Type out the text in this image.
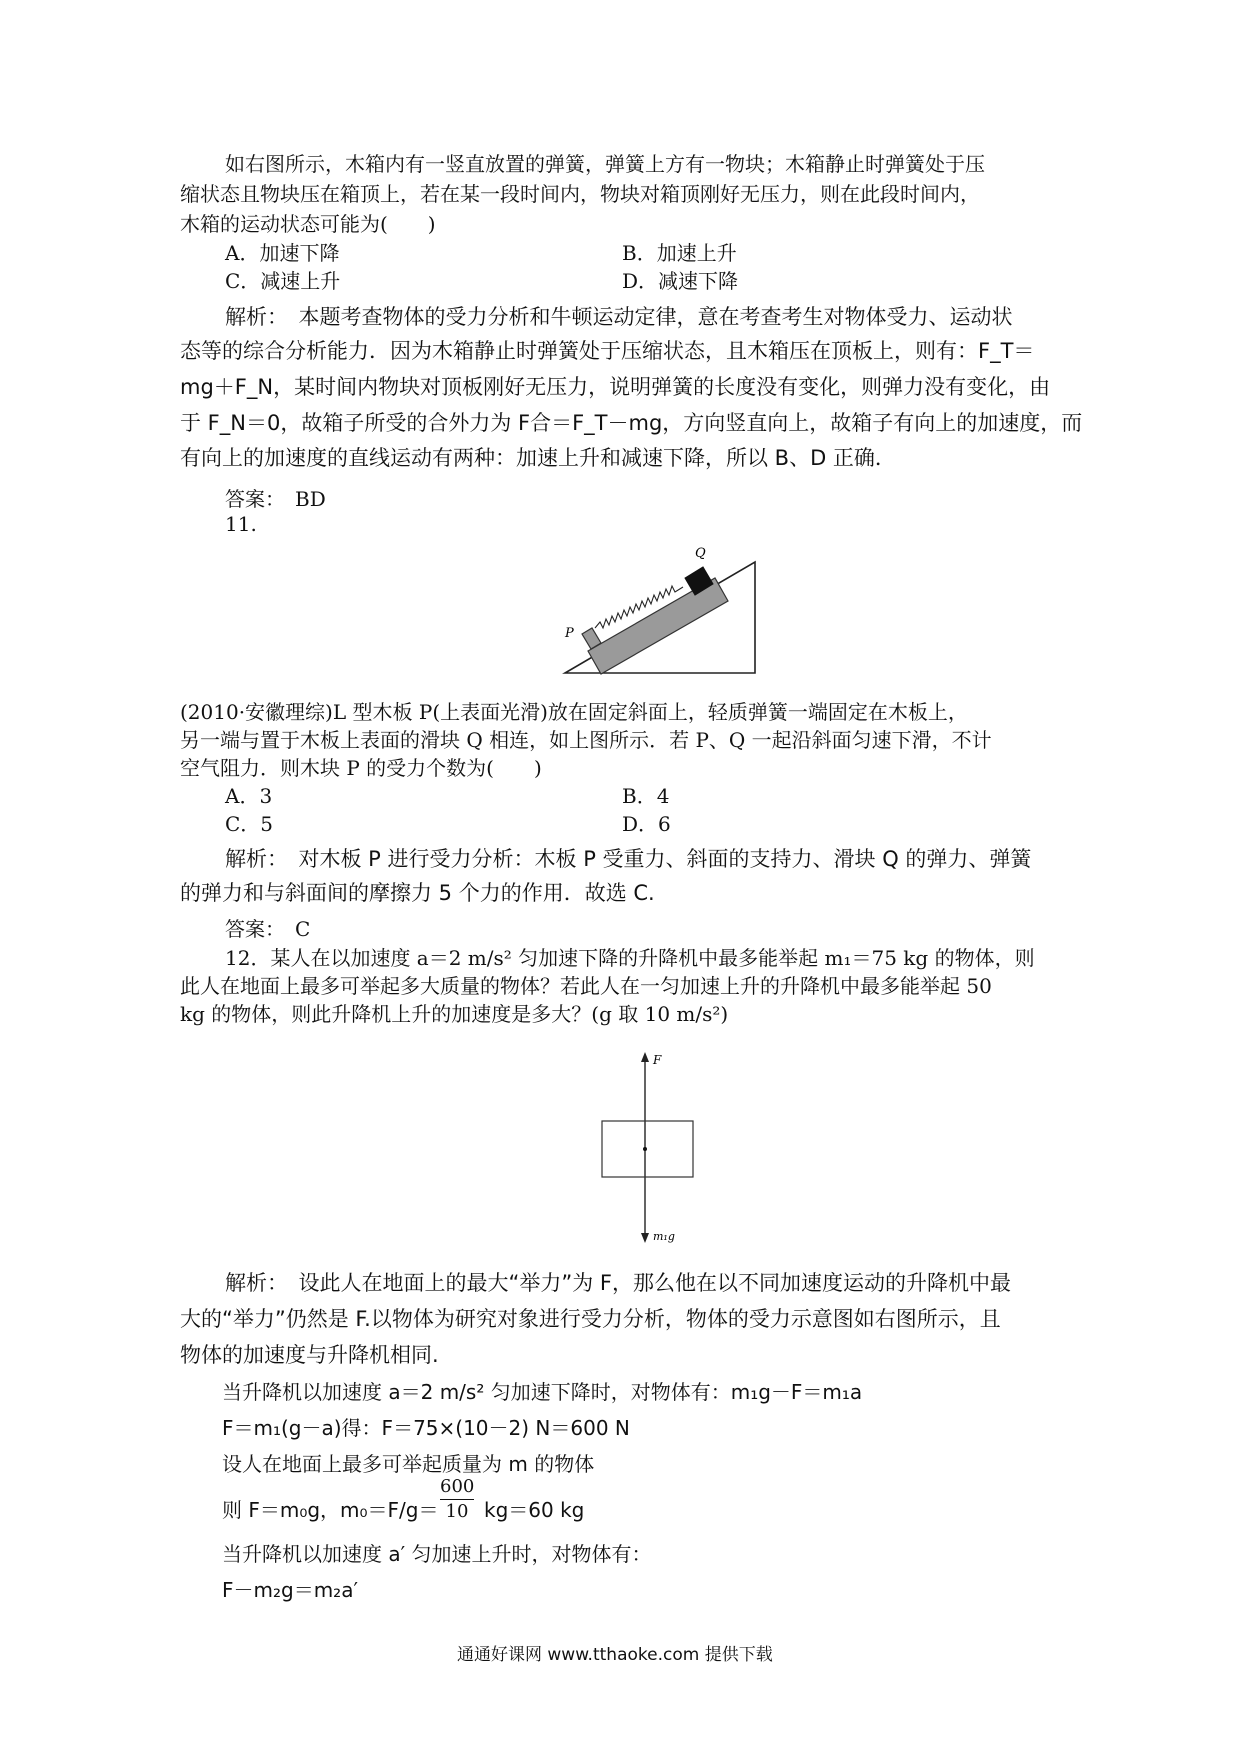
如右图所示，木箱内有一竖直放置的弹簧，弹簧上方有一物块；木箱静止时弹簧处于压
缩状态且物块压在箱顶上，若在某一段时间内，物块对箱顶刚好无压力，则在此段时间内，
木箱的运动状态可能为(　　)
A．加速下降	B．加速上升
C．减速上升	D．减速下降
解析：　本题考查物体的受力分析和牛顿运动定律，意在考查考生对物体受力、运动状
态等的综合分析能力．因为木箱静止时弹簧处于压缩状态，且木箱压在顶板上，则有：F_T＝
mg＋F_N，某时间内物块对顶板刚好无压力，说明弹簧的长度没有变化，则弹力没有变化，由
于 F_N＝0，故箱子所受的合外力为 F合＝F_T－mg，方向竖直向上，故箱子有向上的加速度，而
有向上的加速度的直线运动有两种：加速上升和减速下降，所以 B、D 正确．
答案：　BD
11.
Q
P
(2010·安徽理综)L 型木板 P(上表面光滑)放在固定斜面上，轻质弹簧一端固定在木板上，
另一端与置于木板上表面的滑块 Q 相连，如上图所示．若 P、Q 一起沿斜面匀速下滑，不计
空气阻力．则木块 P 的受力个数为(　　)
A．3	B．4
C．5	D．6
解析：　对木板 P 进行受力分析：木板 P 受重力、斜面的支持力、滑块 Q 的弹力、弹簧
的弹力和与斜面间的摩擦力 5 个力的作用．故选 C.
答案：　C
12．某人在以加速度 a＝2 m/s² 匀加速下降的升降机中最多能举起 m₁＝75 kg 的物体，则
此人在地面上最多可举起多大质量的物体？若此人在一匀加速上升的升降机中最多能举起 50
kg 的物体，则此升降机上升的加速度是多大？(g 取 10 m/s²)
F
m₁g
解析：　设此人在地面上的最大“举力”为 F，那么他在以不同加速度运动的升降机中最
大的“举力”仍然是 F.以物体为研究对象进行受力分析，物体的受力示意图如右图所示，且
物体的加速度与升降机相同.
当升降机以加速度 a＝2 m/s² 匀加速下降时，对物体有：m₁g－F＝m₁a
F＝m₁(g－a)得：F＝75×(10－2) N＝600 N
设人在地面上最多可举起质量为 m 的物体
则 F＝m₀g，m₀＝F/g＝
600
10 kg＝60 kg
当升降机以加速度 a′ 匀加速上升时，对物体有：
F－m₂g＝m₂a′
通通好课网 www.tthaoke.com 提供下载
